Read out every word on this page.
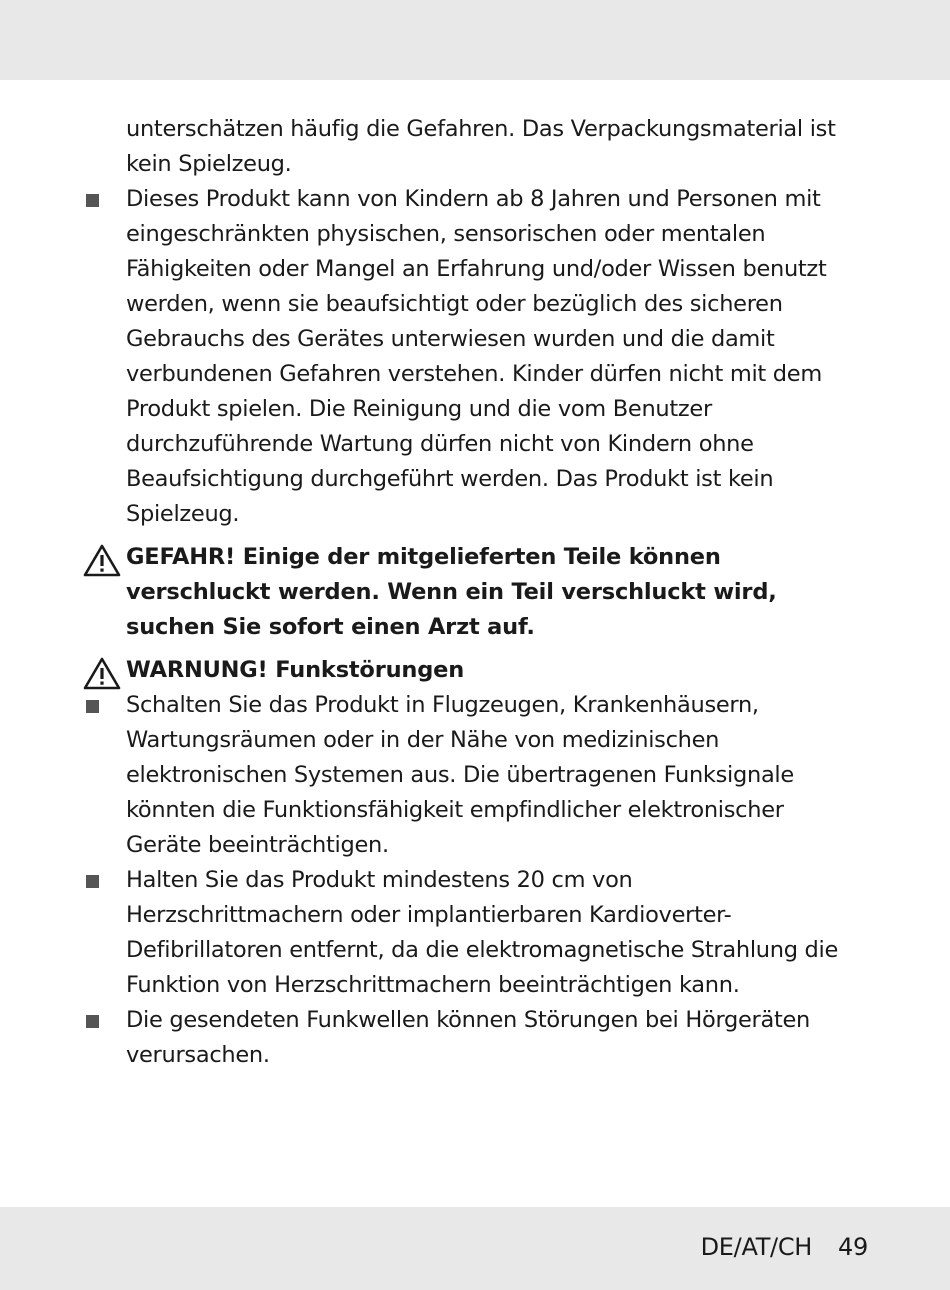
unterschätzen häufig die Gefahren. Das Verpackungsmaterial ist kein Spielzeug.
Dieses Produkt kann von Kindern ab 8 Jahren und Personen mit eingeschränkten physischen, sensorischen oder mentalen Fähigkeiten oder Mangel an Erfahrung und/oder Wissen benutzt werden, wenn sie beaufsichtigt oder bezüglich des sicheren Gebrauchs des Gerätes unterwiesen wurden und die damit verbundenen Gefahren verstehen. Kinder dürfen nicht mit dem Produkt spielen. Die Reinigung und die vom Benutzer durchzuführende Wartung dürfen nicht von Kindern ohne Beaufsichtigung durchgeführt werden. Das Produkt ist kein Spielzeug.
GEFAHR! Einige der mitgelieferten Teile können verschluckt werden. Wenn ein Teil verschluckt wird, suchen Sie sofort einen Arzt auf.
WARNUNG! Funkstörungen
Schalten Sie das Produkt in Flugzeugen, Krankenhäusern, Wartungsräumen oder in der Nähe von medizinischen elektronischen Systemen aus. Die übertragenen Funksignale könnten die Funktionsfähigkeit empfindlicher elektronischer Geräte beeinträchtigen.
Halten Sie das Produkt mindestens 20 cm von Herzschrittmachern oder implantierbaren Kardioverter-Defibrillatoren entfernt, da die elektromagnetische Strahlung die Funktion von Herzschrittmachern beeinträchtigen kann.
Die gesendeten Funkwellen können Störungen bei Hörgeräten verursachen.
DE/AT/CH 49
